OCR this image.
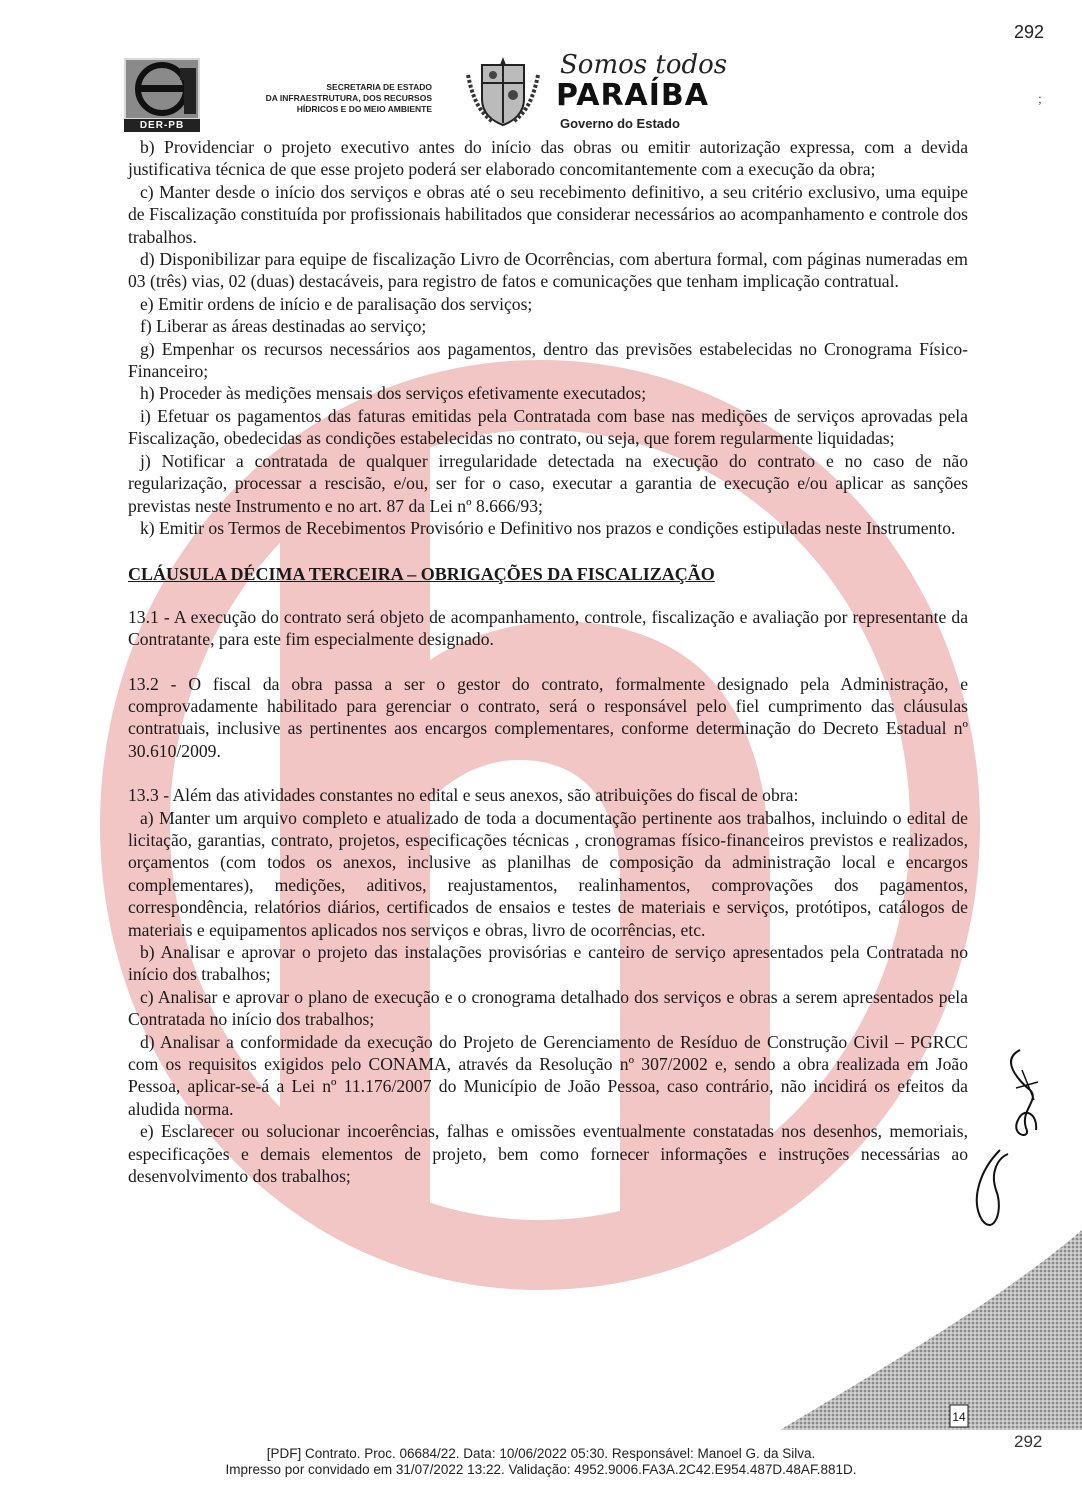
292
;
DER-PB
SECRETARIA DE ESTADO
DA INFRAESTRUTURA, DOS RECURSOS
HÍDRICOS E DO MEIO AMBIENTE
Somos todos
PARAÍBA
Governo do Estado

b) Providenciar o projeto executivo antes do início das obras ou emitir autorização expressa, com a devida justificativa técnica de que esse projeto poderá ser elaborado concomitantemente com a execução da obra;

c) Manter desde o início dos serviços e obras até o seu recebimento definitivo, a seu critério exclusivo, uma equipe de Fiscalização constituída por profissionais habilitados que considerar necessários ao acompanhamento e controle dos trabalhos.

d) Disponibilizar para equipe de fiscalização Livro de Ocorrências, com abertura formal, com páginas numeradas em 03 (três) vias, 02 (duas) destacáveis, para registro de fatos e comunicações que tenham implicação contratual.

e) Emitir ordens de início e de paralisação dos serviços;

f) Liberar as áreas destinadas ao serviço;

g) Empenhar os recursos necessários aos pagamentos, dentro das previsões estabelecidas no Cronograma Físico-Financeiro;

h) Proceder às medições mensais dos serviços efetivamente executados;

i) Efetuar os pagamentos das faturas emitidas pela Contratada com base nas medições de serviços aprovadas pela Fiscalização, obedecidas as condições estabelecidas no contrato, ou seja, que forem regularmente liquidadas;

j) Notificar a contratada de qualquer irregularidade detectada na execução do contrato e no caso de não regularização, processar a rescisão, e/ou, ser for o caso, executar a garantia de execução e/ou aplicar as sanções previstas neste Instrumento e no art. 87 da Lei nº 8.666/93;

k) Emitir os Termos de Recebimentos Provisório e Definitivo nos prazos e condições estipuladas neste Instrumento.

CLÁUSULA DÉCIMA TERCEIRA – OBRIGAÇÕES DA FISCALIZAÇÃO

13.1 - A execução do contrato será objeto de acompanhamento, controle, fiscalização e avaliação por representante da Contratante, para este fim especialmente designado.

13.2 - O fiscal da obra passa a ser o gestor do contrato, formalmente designado pela Administração, e comprovadamente habilitado para gerenciar o contrato, será o responsável pelo fiel cumprimento das cláusulas contratuais, inclusive as pertinentes aos encargos complementares, conforme determinação do Decreto Estadual nº 30.610/2009.

13.3 - Além das atividades constantes no edital e seus anexos, são atribuições do fiscal de obra:

a) Manter um arquivo completo e atualizado de toda a documentação pertinente aos trabalhos, incluindo o edital de licitação, garantias, contrato, projetos, especificações técnicas , cronogramas físico-financeiros previstos e realizados, orçamentos (com todos os anexos, inclusive as planilhas de composição da administração local e encargos complementares), medições, aditivos, reajustamentos, realinhamentos, comprovações dos pagamentos, correspondência, relatórios diários, certificados de ensaios e testes de materiais e serviços, protótipos, catálogos de materiais e equipamentos aplicados nos serviços e obras, livro de ocorrências, etc.

b) Analisar e aprovar o projeto das instalações provisórias e canteiro de serviço apresentados pela Contratada no início dos trabalhos;

c) Analisar e aprovar o plano de execução e o cronograma detalhado dos serviços e obras a serem apresentados pela Contratada no início dos trabalhos;

d) Analisar a conformidade da execução do Projeto de Gerenciamento de Resíduo de Construção Civil – PGRCC com os requisitos exigidos pelo CONAMA, através da Resolução nº 307/2002 e, sendo a obra realizada em João Pessoa, aplicar-se-á a Lei nº 11.176/2007 do Município de João Pessoa, caso contrário, não incidirá os efeitos da aludida norma.

e) Esclarecer ou solucionar incoerências, falhas e omissões eventualmente constatadas nos desenhos, memoriais, especificações e demais elementos de projeto, bem como fornecer informações e instruções necessárias ao desenvolvimento dos trabalhos;

14
292
[PDF] Contrato. Proc. 06684/22. Data: 10/06/2022 05:30. Responsável: Manoel G. da Silva.
Impresso por convidado em 31/07/2022 13:22. Validação: 4952.9006.FA3A.2C42.E954.487D.48AF.881D.
